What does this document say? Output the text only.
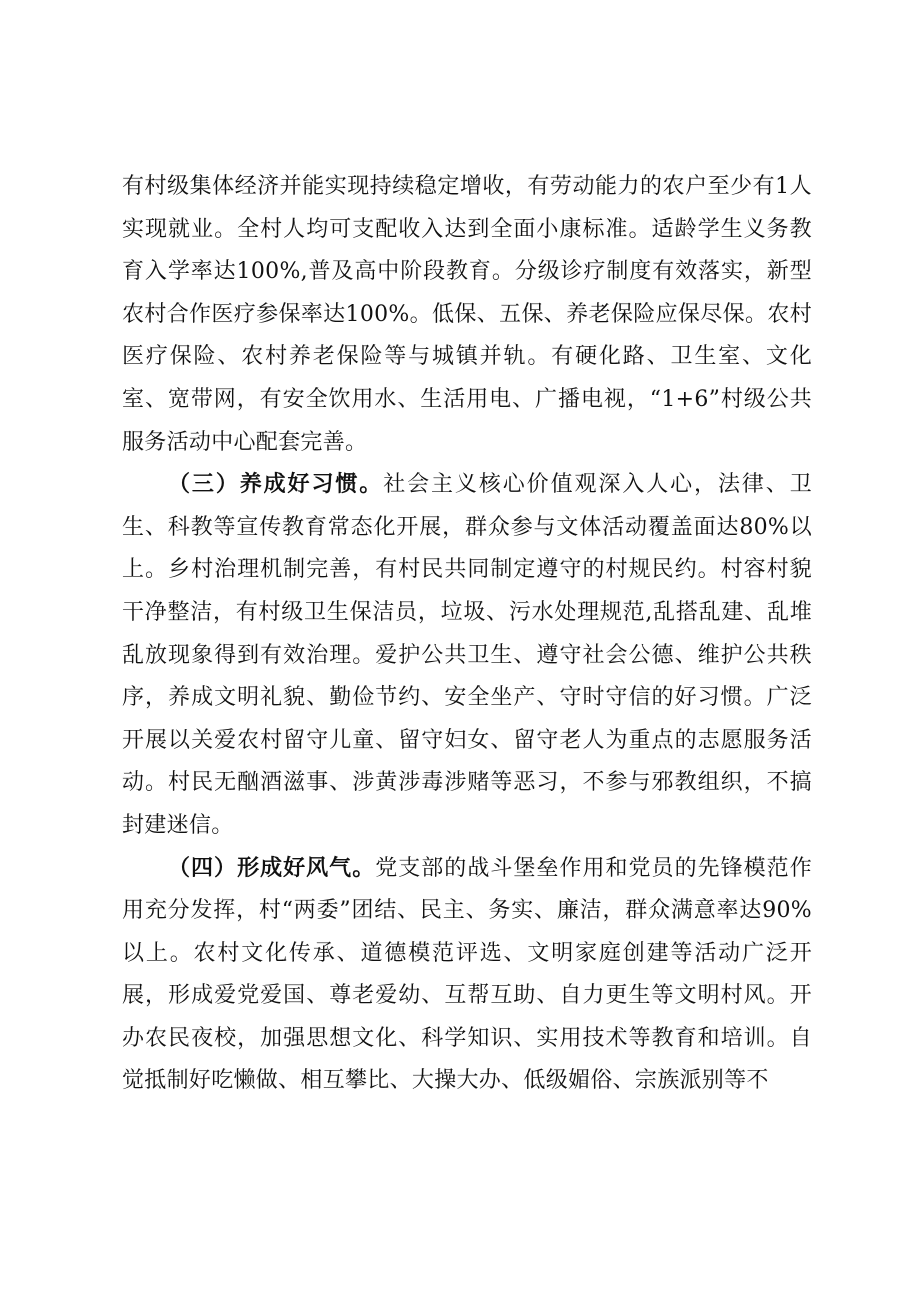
有村级集体经济并能实现持续稳定增收，有劳动能力的农户至少有1人实现就业。全村人均可支配收入达到全面小康标准。适龄学生义务教育入学率达100%,普及高中阶段教育。分级诊疗制度有效落实，新型农村合作医疗参保率达100%。低保、五保、养老保险应保尽保。农村医疗保险、农村养老保险等与城镇并轨。有硬化路、卫生室、文化室、宽带网，有安全饮用水、生活用电、广播电视，“1+6”村级公共服务活动中心配套完善。

（三）养成好习惯。社会主义核心价值观深入人心，法律、卫生、科教等宣传教育常态化开展，群众参与文体活动覆盖面达80%以上。乡村治理机制完善，有村民共同制定遵守的村规民约。村容村貌干净整洁，有村级卫生保洁员，垃圾、污水处理规范,乱搭乱建、乱堆乱放现象得到有效治理。爱护公共卫生、遵守社会公德、维护公共秩序，养成文明礼貌、勤俭节约、安全坐产、守时守信的好习惯。广泛开展以关爱农村留守儿童、留守妇女、留守老人为重点的志愿服务活动。村民无酗酒滋事、涉黄涉毒涉赌等恶习，不参与邪教组织，不搞封建迷信。

（四）形成好风气。党支部的战斗堡垒作用和党员的先锋模范作用充分发挥，村“两委”团结、民主、务实、廉洁，群众满意率达90%以上。农村文化传承、道德模范评选、文明家庭创建等活动广泛开展，形成爱党爱国、尊老爱幼、互帮互助、自力更生等文明村风。开办农民夜校，加强思想文化、科学知识、实用技术等教育和培训。自觉抵制好吃懒做、相互攀比、大操大办、低级媚俗、宗族派别等不
